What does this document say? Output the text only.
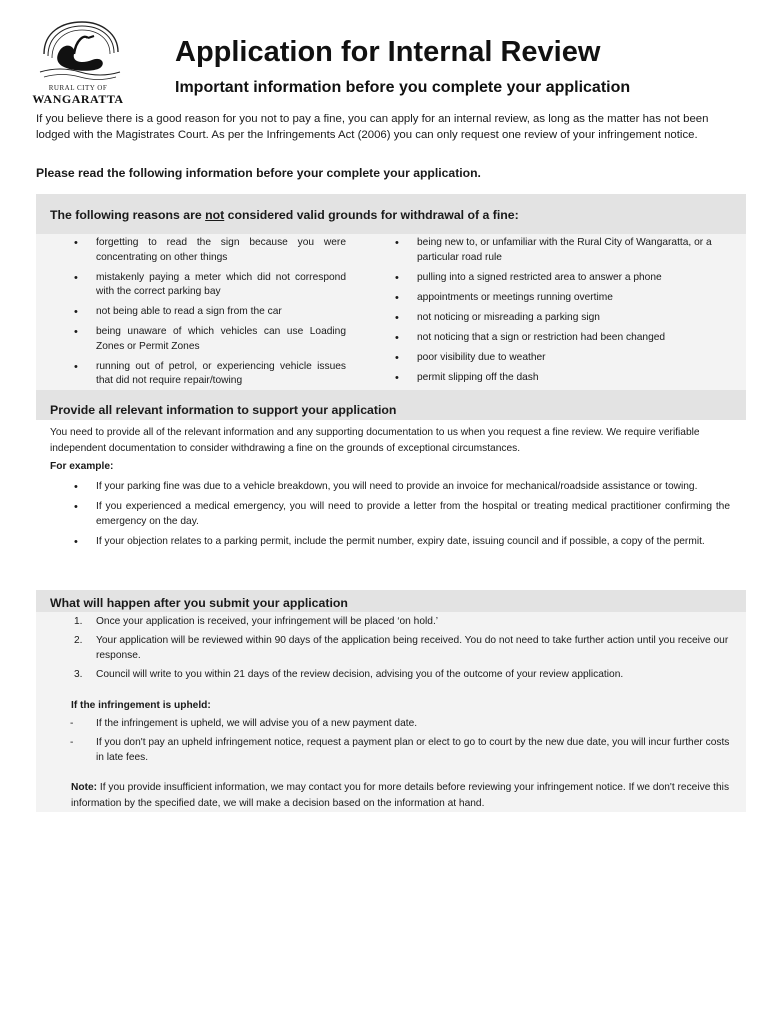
RURAL CITY OF
WANGARATTA
Application for Internal Review
Important information before you complete your application
If you believe there is a good reason for you not to pay a fine, you can apply for an internal review, as long as the matter has not been lodged with the Magistrates Court. As per the Infringements Act (2006) you can only request one review of your infringement notice.
Please read the following information before your complete your application.
The following reasons are not considered valid grounds for withdrawal of a fine:
• forgetting to read the sign because you were concentrating on other things
• mistakenly paying a meter which did not correspond with the correct parking bay
• not being able to read a sign from the car
• being unaware of which vehicles can use Loading Zones or Permit Zones
• running out of petrol, or experiencing vehicle issues that did not require repair/towing
• being new to, or unfamiliar with the Rural City of Wangaratta, or a particular road rule
• pulling into a signed restricted area to answer a phone
• appointments or meetings running overtime
• not noticing or misreading a parking sign
• not noticing that a sign or restriction had been changed
• poor visibility due to weather
• permit slipping off the dash
Provide all relevant information to support your application
You need to provide all of the relevant information and any supporting documentation to us when you request a fine review. We require verifiable independent documentation to consider withdrawing a fine on the grounds of exceptional circumstances.
For example:
• If your parking fine was due to a vehicle breakdown, you will need to provide an invoice for mechanical/roadside assistance or towing.
• If you experienced a medical emergency, you will need to provide a letter from the hospital or treating medical practitioner confirming the emergency on the day.
• If your objection relates to a parking permit, include the permit number, expiry date, issuing council and if possible, a copy of the permit.
What will happen after you submit your application
1. Once your application is received, your infringement will be placed ‘on hold.’
2. Your application will be reviewed within 90 days of the application being received. You do not need to take further action until you receive our response.
3. Council will write to you within 21 days of the review decision, advising you of the outcome of your review application.
If the infringement is upheld:
- If the infringement is upheld, we will advise you of a new payment date.
- If you don't pay an upheld infringement notice, request a payment plan or elect to go to court by the new due date, you will incur further costs in late fees.
Note: If you provide insufficient information, we may contact you for more details before reviewing your infringement notice. If we don't receive this information by the specified date, we will make a decision based on the information at hand.
